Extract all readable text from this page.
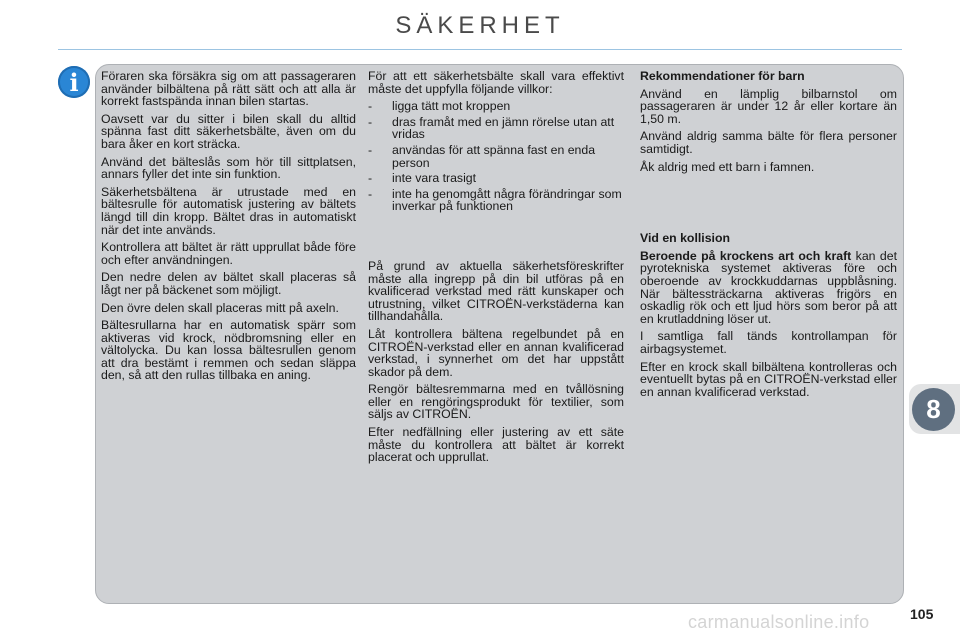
SÄKERHET
i	Föraren ska försäkra sig om att passageraren använder bilbältena på rätt sätt och att alla är korrekt fastspända innan bilen startas.

Oavsett var du sitter i bilen skall du alltid spänna fast ditt säkerhetsbälte, även om du bara åker en kort sträcka.

Använd det bälteslås som hör till sittplatsen, annars fyller det inte sin funktion.

Säkerhetsbältena är utrustade med en bältesrulle för automatisk justering av bältets längd till din kropp. Bältet dras in automatiskt när det inte används.

Kontrollera att bältet är rätt upprullat både före och efter användningen.

Den nedre delen av bältet skall placeras så lågt ner på bäckenet som möjligt.

Den övre delen skall placeras mitt på axeln.

Bältesrullarna har en automatisk spärr som aktiveras vid krock, nödbromsning eller en vältolycka. Du kan lossa bältesrullen genom att dra bestämt i remmen och sedan släppa den, så att den rullas tillbaka en aning.

För att ett säkerhetsbälte skall vara effektivt måste det uppfylla följande villkor:

-	ligga tätt mot kroppen
-	dras framåt med en jämn rörelse utan att vridas
-	användas för att spänna fast en enda person
-	inte vara trasigt
-	inte ha genomgått några förändringar som inverkar på funktionen

På grund av aktuella säkerhetsföreskrifter måste alla ingrepp på din bil utföras på en kvalificerad verkstad med rätt kunskaper och utrustning, vilket CITROËN-verkstäderna kan tillhandahålla.

Låt kontrollera bältena regelbundet på en CITROËN-verkstad eller en annan kvalificerad verkstad, i synnerhet om det har uppstått skador på dem.

Rengör bältesremmarna med en tvållösning eller en rengöringsprodukt för textilier, som säljs av CITROËN.

Efter nedfällning eller justering av ett säte måste du kontrollera att bältet är korrekt placerat och upprullat.

Rekommendationer för barn

Använd en lämplig bilbarnstol om passageraren är under 12 år eller kortare än 1,50 m.

Använd aldrig samma bälte för flera personer samtidigt.

Åk aldrig med ett barn i famnen.

Vid en kollision

Beroende på krockens art och kraft kan det pyrotekniska systemet aktiveras före och oberoende av krockkuddarnas uppblåsning. När bältessträckarna aktiveras frigörs en oskadlig rök och ett ljud hörs som beror på att en krutladdning löser ut.

I samtliga fall tänds kontrollampan för airbagsystemet.

Efter en krock skall bilbältena kontrolleras och eventuellt bytas på en CITROËN-verkstad eller en annan kvalificerad verkstad.

8
105
carmanualsonline.info
